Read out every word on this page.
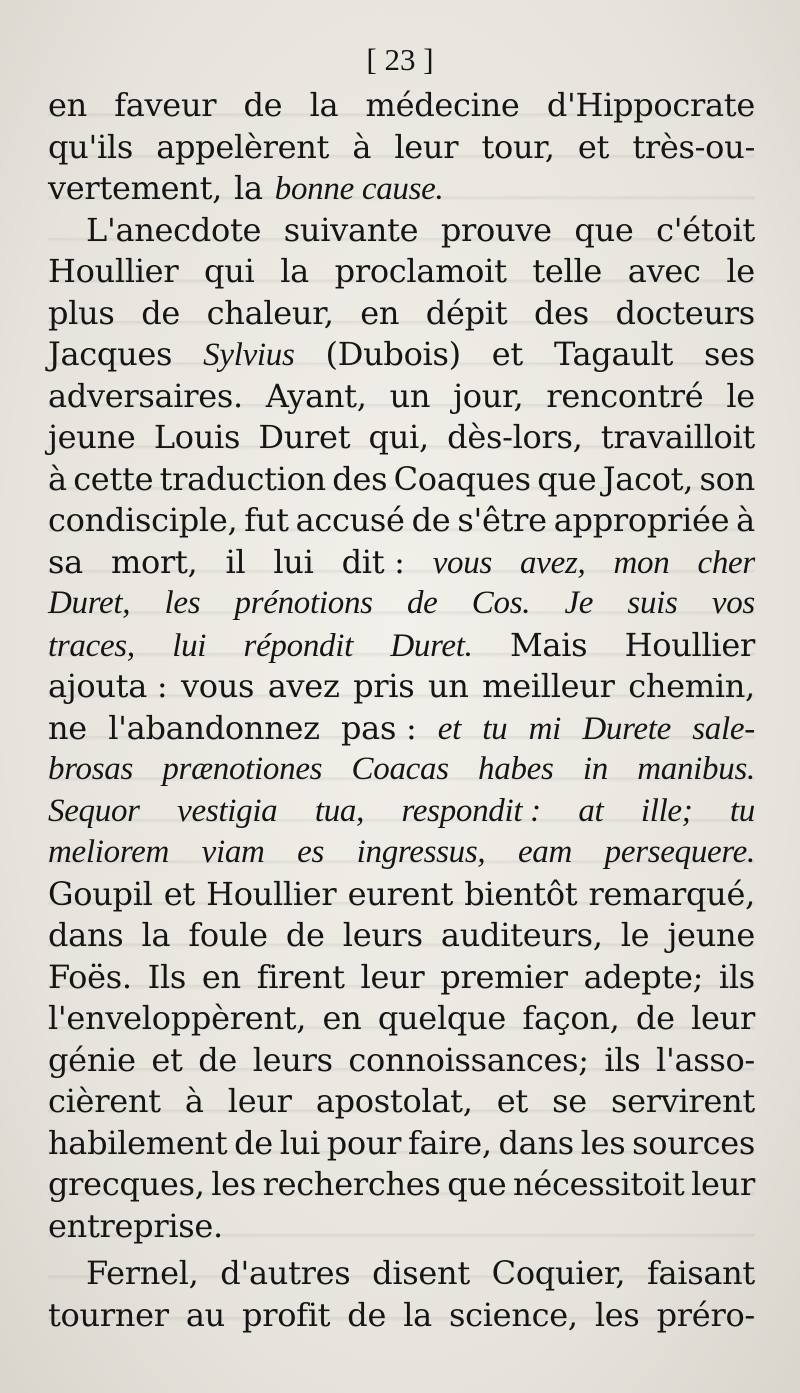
[ 23 ]
en faveur de la médecine d'Hippocrate
qu'ils appelèrent à leur tour, et très-ou-
vertement, la bonne cause.
L'anecdote suivante prouve que c'étoit
Houllier qui la proclamoit telle avec le
plus de chaleur, en dépit des docteurs
Jacques Sylvius (Dubois) et Tagault ses
adversaires. Ayant, un jour, rencontré le
jeune Louis Duret qui, dès-lors, travailloit
à cette traduction des Coaques que Jacot, son
condisciple, fut accusé de s'être appropriée à
sa mort, il lui dit : vous avez, mon cher
Duret, les prénotions de Cos. Je suis vos
traces, lui répondit Duret. Mais Houllier
ajouta : vous avez pris un meilleur chemin,
ne l'abandonnez pas : et tu mi Durete sale-
brosas prænotiones Coacas habes in manibus.
Sequor vestigia tua, respondit : at ille; tu
meliorem viam es ingressus, eam persequere.
Goupil et Houllier eurent bientôt remarqué,
dans la foule de leurs auditeurs, le jeune
Foës. Ils en firent leur premier adepte; ils
l'enveloppèrent, en quelque façon, de leur
génie et de leurs connoissances; ils l'asso-
cièrent à leur apostolat, et se servirent
habilement de lui pour faire, dans les sources
grecques, les recherches que nécessitoit leur
entreprise.
Fernel, d'autres disent Coquier, faisant
tourner au profit de la science, les préro-
